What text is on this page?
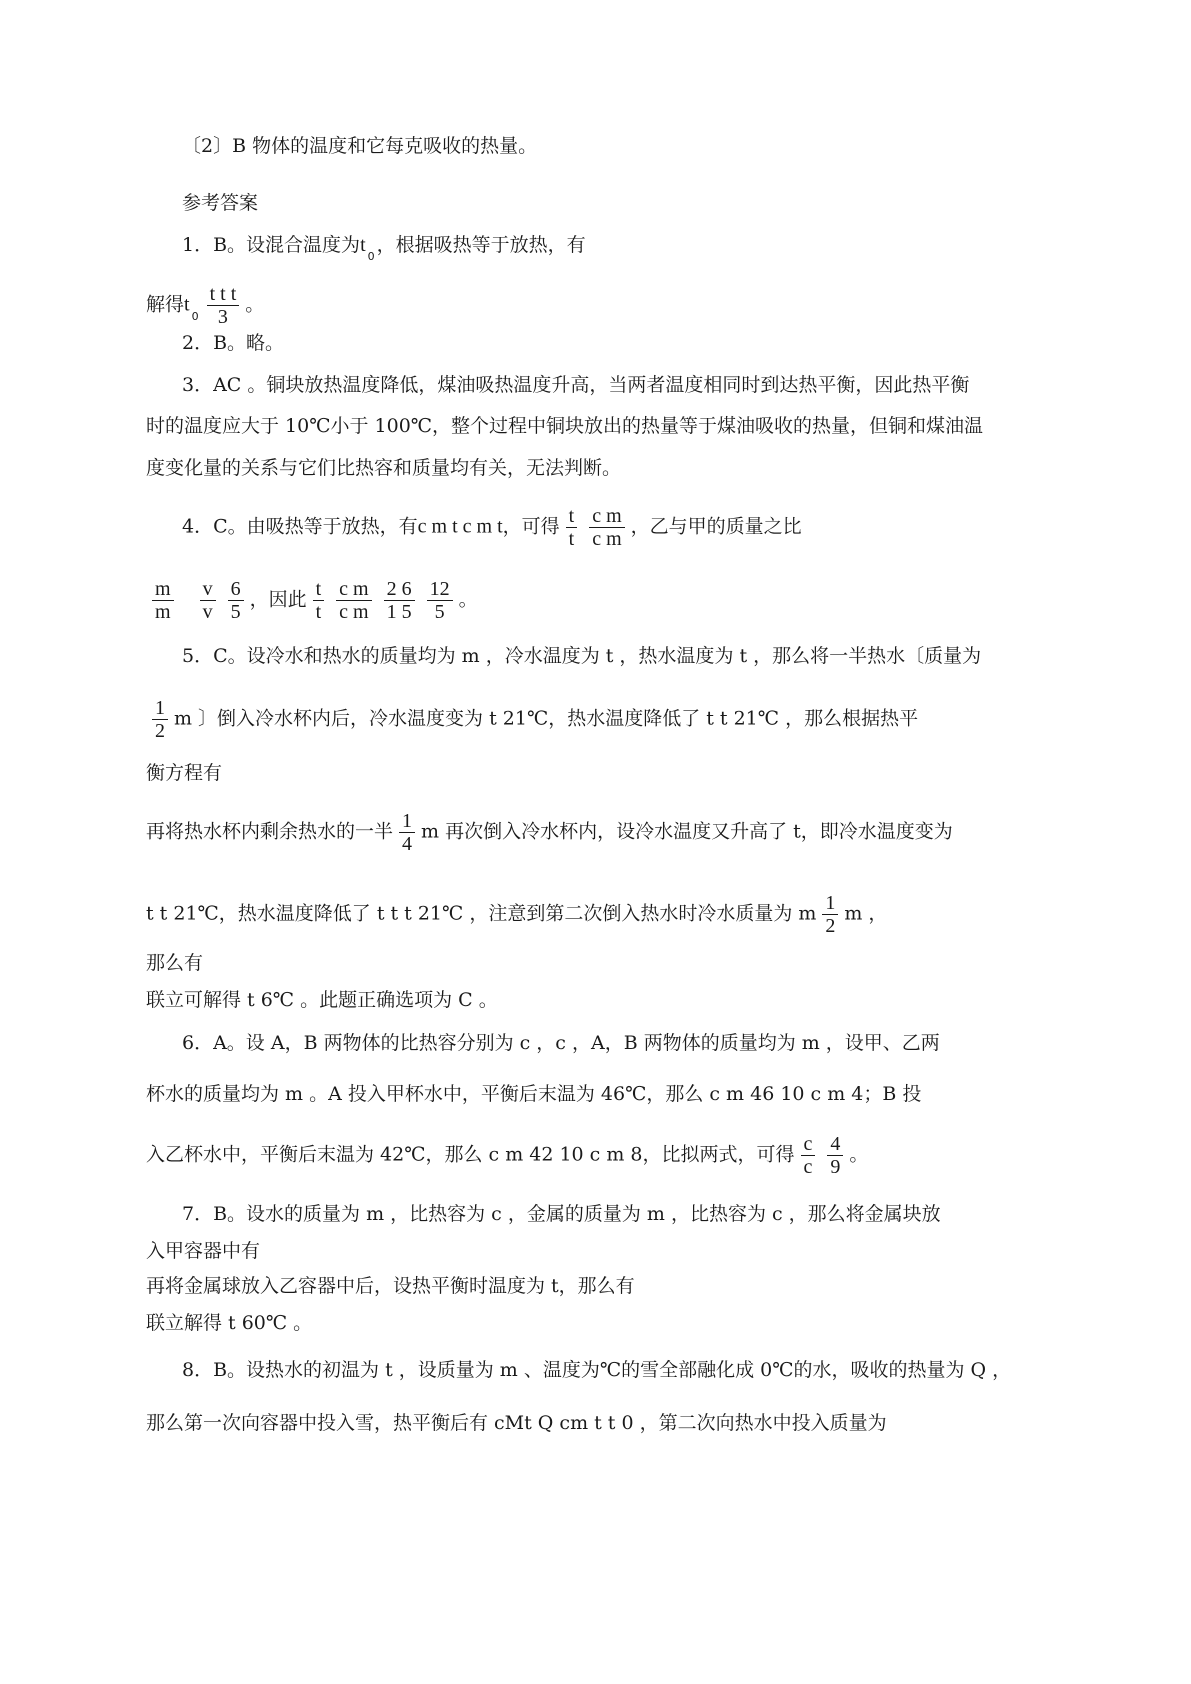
〔2〕B 物体的温度和它每克吸收的热量。
参考答案
1．B。设混合温度为$t_0$，根据吸热等于放热，有
解得$t_0 \frac{\text{t t t}}{3}$ 。
2．B。略。
3．AC 。铜块放热温度降低，煤油吸热温度升高，当两者温度相同时到达热平衡，因此热平衡
时的温度应大于 10℃小于 100℃，整个过程中铜块放出的热量等于煤油吸收的热量，但铜和煤油温
度变化量的关系与它们比热容和质量均有关，无法判断。
4．C。由吸热等于放热，有c m t c m t，可得 $\frac{t}{t} \frac{\text{c m}}{\text{c m}}$ ，乙与甲的质量之比
$\frac{m}{m} \frac{v}{v} \frac{6}{5}$ ，因此 $\frac{t}{t} \frac{\text{c m}}{\text{c m}} \frac{2 6}{1 5} \frac{12}{5}$ 。
5．C。设冷水和热水的质量均为 m ，冷水温度为 t ，热水温度为 t ，那么将一半热水〔质量为
$\frac{1}{2}$ m 〕倒入冷水杯内后，冷水温度变为 t 21℃，热水温度降低了 t t 21℃ ，那么根据热平
衡方程有
再将热水杯内剩余热水的一半 $\frac{1}{4}$ m 再次倒入冷水杯内，设冷水温度又升高了 t，即冷水温度变为
t t 21℃，热水温度降低了 t t t 21℃ ，注意到第二次倒入热水时冷水质量为 m $\frac{1}{2}$ m ，
那么有
联立可解得 t 6℃ 。此题正确选项为 C 。
6．A。设 A，B 两物体的比热容分别为 c ，c ，A，B 两物体的质量均为 m ，设甲、乙两
杯水的质量均为 m 。A 投入甲杯水中，平衡后末温为 46℃，那么 c m 46 10 c m 4；B 投
入乙杯水中，平衡后末温为 42℃，那么 c m 42 10 c m 8，比拟两式，可得 $\frac{c}{c} \frac{4}{9}$ 。
7．B。设水的质量为 m ，比热容为 c ，金属的质量为 m ，比热容为 c ，那么将金属块放
入甲容器中有
再将金属球放入乙容器中后，设热平衡时温度为 t，那么有
联立解得 t 60℃ 。
8．B。设热水的初温为 t ，设质量为 m 、温度为℃的雪全部融化成 0℃的水，吸收的热量为 Q ，
那么第一次向容器中投入雪，热平衡后有 cMt Q cm t t 0 ，第二次向热水中投入质量为
